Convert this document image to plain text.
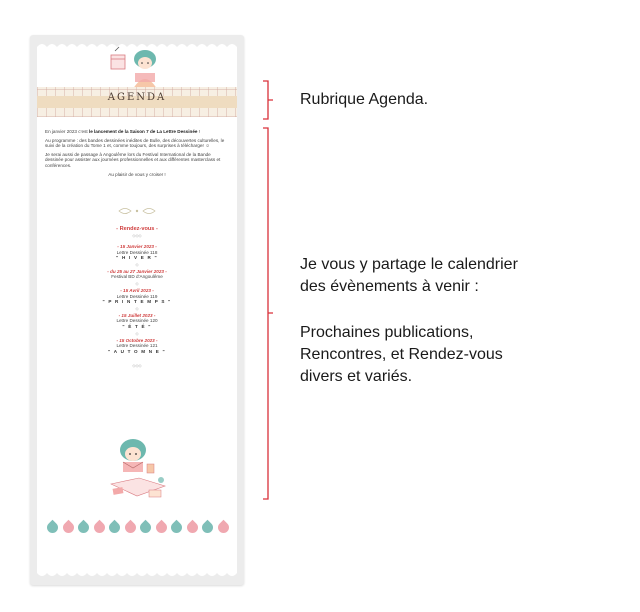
AGENDA

En janvier 2023 c’est le lancement de la Saison 7 de La Lettre Dessinée !

Au programme : des bandes dessinées inédites de Bulle, des découvertes culturelles, le suivi de la création du Tome 1 et, comme toujours, des surprises à télécharger ☺

Je serai aussi de passage à Angoulême lors du Festival International de la Bande dessinée pour assister aux journées professionnelles et aux différentes masterclass et conférences.

Au plaisir de vous y croiser !

- Rendez-vous -
◇◇◇
- 15 Janvier 2023 -
Lettre Dessinée 118
" H I V E R "
◇
- du 25 au 27 Janvier 2023 -
Festival BD d’Angoulême
◇
- 15 Avril 2023 -
Lettre Dessinée 119
" P R I N T E M P S "
◇
- 15 Juillet 2023 -
Lettre Dessinée 120
" É T É "
◇
- 15 Octobre 2023 -
Lettre Dessinée 121
" A U T O M N E "
◇◇◇
Rubrique Agenda.
Je vous y partage le calendrier
des évènements à venir :
Prochaines publications,
Rencontres, et Rendez-vous
divers et variés.
